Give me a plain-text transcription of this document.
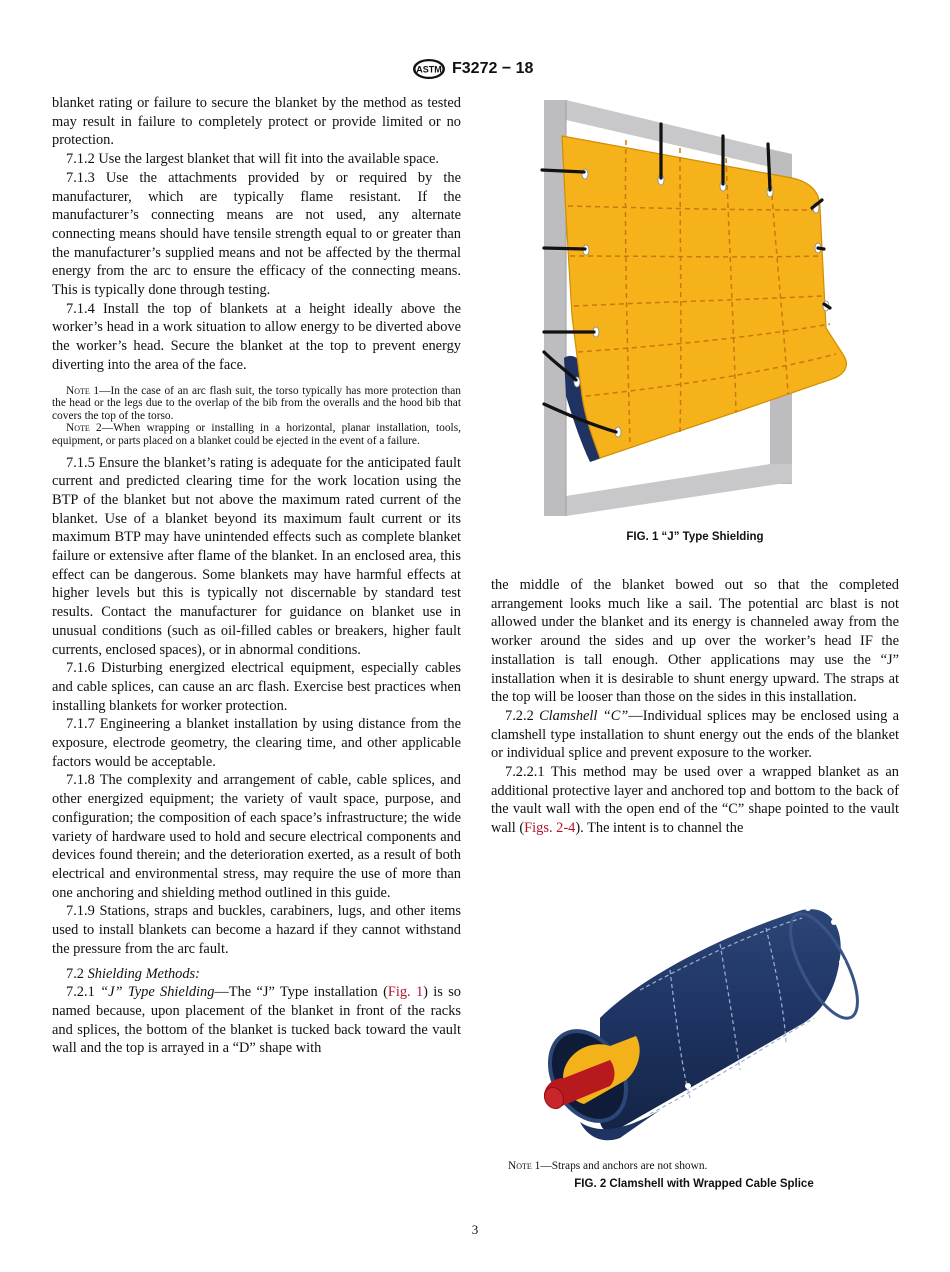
ASTM F3272 − 18

blanket rating or failure to secure the blanket by the method as tested may result in failure to completely protect or provide limited or no protection.

7.1.2 Use the largest blanket that will fit into the available space.

7.1.3 Use the attachments provided by or required by the manufacturer, which are typically flame resistant. If the manufacturer’s connecting means are not used, any alternate connecting means should have tensile strength equal to or greater than the manufacturer’s supplied means and not be affected by the thermal energy from the arc to ensure the efficacy of the connecting means. This is typically done through testing.

7.1.4 Install the top of blankets at a height ideally above the worker’s head in a work situation to allow energy to be diverted above the worker’s head. Secure the blanket at the top to prevent energy diverting into the area of the face.

Note 1—In the case of an arc flash suit, the torso typically has more protection than the head or the legs due to the overlap of the bib from the overalls and the hood bib that covers the top of the torso.

Note 2—When wrapping or installing in a horizontal, planar installation, tools, equipment, or parts placed on a blanket could be ejected in the event of a failure.

7.1.5 Ensure the blanket’s rating is adequate for the anticipated fault current and predicted clearing time for the work location using the BTP of the blanket but not above the maximum rated current of the blanket. Use of a blanket beyond its maximum fault current or its maximum BTP may have unintended effects such as complete blanket failure or extensive after flame of the blanket. In an enclosed area, this effect can be dangerous. Some blankets may have harmful effects at higher levels but this is typically not discernable by standard test results. Contact the manufacturer for guidance on blanket use in unusual conditions (such as oil-filled cables or breakers, higher fault currents, enclosed spaces), or in abnormal conditions.

7.1.6 Disturbing energized electrical equipment, especially cables and cable splices, can cause an arc flash. Exercise best practices when installing blankets for worker protection.

7.1.7 Engineering a blanket installation by using distance from the exposure, electrode geometry, the clearing time, and other applicable factors would be acceptable.

7.1.8 The complexity and arrangement of cable, cable splices, and other energized equipment; the variety of vault space, purpose, and configuration; the composition of each space’s infrastructure; the wide variety of hardware used to hold and secure electrical components and devices found therein; and the deterioration exerted, as a result of both electrical and environmental stress, may require the use of more than one anchoring and shielding method outlined in this guide.

7.1.9 Stations, straps and buckles, carabiners, lugs, and other items used to install blankets can become a hazard if they cannot withstand the pressure from the arc fault.

7.2 Shielding Methods:

7.2.1 “J” Type Shielding—The “J” Type installation (Fig. 1) is so named because, upon placement of the blanket in front of the racks and splices, the bottom of the blanket is tucked back toward the vault wall and the top is arrayed in a “D” shape with

FIG. 1 “J” Type Shielding

the middle of the blanket bowed out so that the completed arrangement looks much like a sail. The potential arc blast is not allowed under the blanket and its energy is channeled away from the worker around the sides and up over the worker’s head IF the installation is tall enough. Other applications may use the “J” installation when it is desirable to shunt energy upward. The straps at the top will be looser than those on the sides in this installation.

7.2.2 Clamshell “C”—Individual splices may be enclosed using a clamshell type installation to shunt energy out the ends of the blanket or individual splice and prevent exposure to the worker.

7.2.2.1 This method may be used over a wrapped blanket as an additional protective layer and anchored top and bottom to the back of the vault wall with the open end of the “C” shape pointed to the vault wall (Figs. 2-4). The intent is to channel the

Note 1—Straps and anchors are not shown.
FIG. 2 Clamshell with Wrapped Cable Splice
3
